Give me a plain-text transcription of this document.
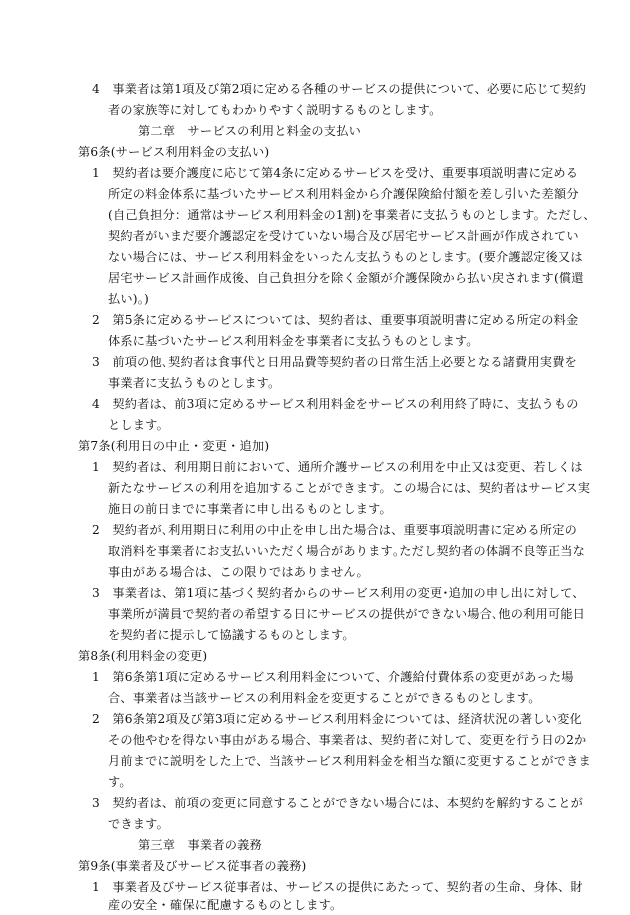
4　事業者は第1項及び第2項に定める各種のサービスの提供について、必要に応じて契約
者の家族等に対してもわかりやすく説明するものとします。
第二章　サービスの利用と料金の支払い
第6条(サービス利用料金の支払い)
1　契約者は要介護度に応じて第4条に定めるサービスを受け、重要事項説明書に定める
所定の料金体系に基づいたサービス利用料金から介護保険給付額を差し引いた差額分
(自己負担分：通常はサービス利用料金の1割)を事業者に支払うものとします。ただし、
契約者がいまだ要介護認定を受けていない場合及び居宅サービス計画が作成されてい
ない場合には、サービス利用料金をいったん支払うものとします。(要介護認定後又は
居宅サービス計画作成後、自己負担分を除く金額が介護保険から払い戻されます(償還
払い)。)
2　第5条に定めるサービスについては、契約者は、重要事項説明書に定める所定の料金
体系に基づいたサービス利用料金を事業者に支払うものとします。
3　前項の他､契約者は食事代と日用品費等契約者の日常生活上必要となる諸費用実費を
事業者に支払うものとします。
4　契約者は、前3項に定めるサービス利用料金をサービスの利用終了時に、支払うもの
とします。
第7条(利用日の中止・変更・追加)
1　契約者は、利用期日前において、通所介護サービスの利用を中止又は変更、若しくは
新たなサービスの利用を追加することができます。この場合には、契約者はサービス実
施日の前日までに事業者に申し出るものとします。
2　契約者が､利用期日に利用の中止を申し出た場合は、重要事項説明書に定める所定の
取消料を事業者にお支払いいただく場合があります｡ただし契約者の体調不良等正当な
事由がある場合は、この限りではありません。
3　事業者は、第1項に基づく契約者からのサービス利用の変更･追加の申し出に対して、
事業所が満員で契約者の希望する日にサービスの提供ができない場合､他の利用可能日
を契約者に提示して協議するものとします。
第8条(利用料金の変更)
1　第6条第1項に定めるサービス利用料金について、介護給付費体系の変更があった場
合、事業者は当該サービスの利用料金を変更することができるものとします。
2　第6条第2項及び第3項に定めるサービス利用料金については、経済状況の著しい変化
その他やむを得ない事由がある場合、事業者は、契約者に対して、変更を行う日の2か
月前までに説明をした上で、当該サービス利用料金を相当な額に変更することができま
す。
3　契約者は、前項の変更に同意することができない場合には、本契約を解約することが
できます。
第三章　事業者の義務
第9条(事業者及びサービス従事者の義務)
1　事業者及びサービス従事者は、サービスの提供にあたって、契約者の生命、身体、財
産の安全・確保に配慮するものとします。
